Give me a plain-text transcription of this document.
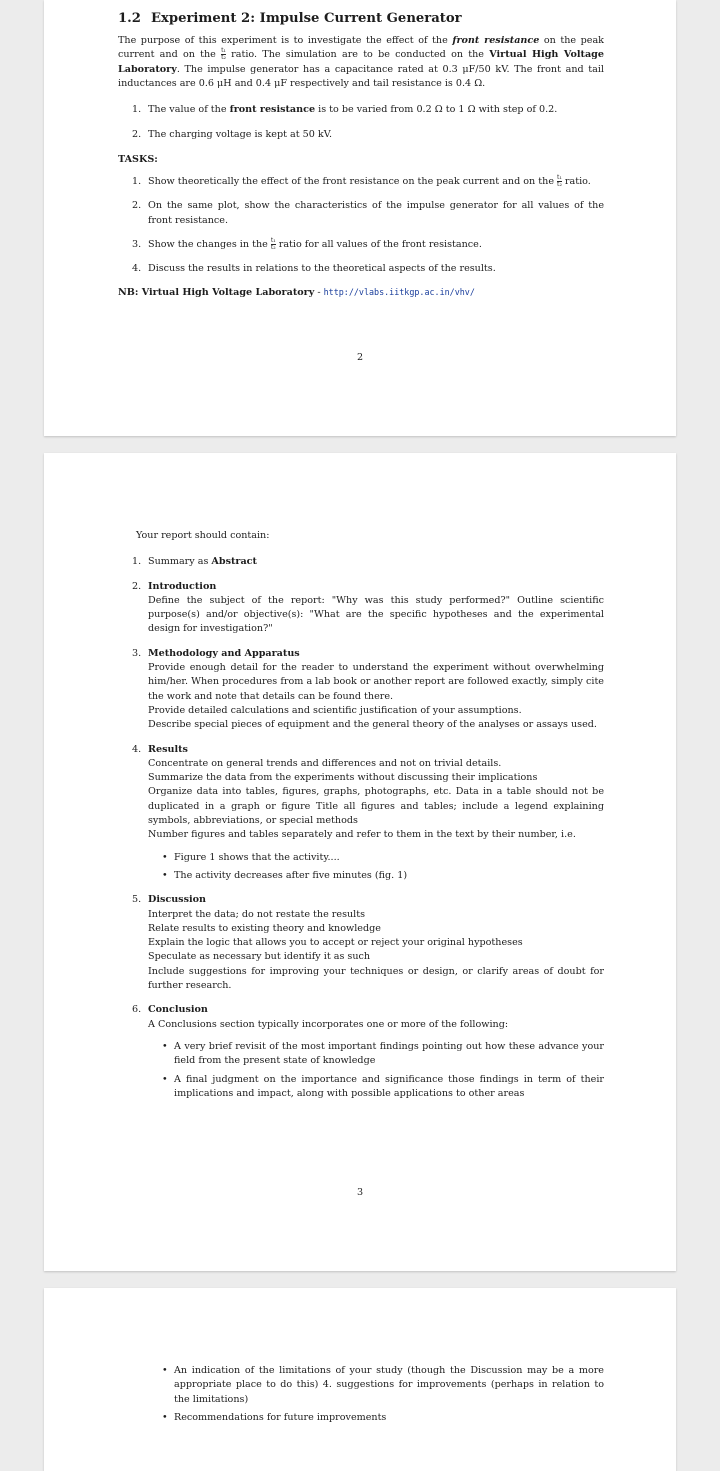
1.2 Experiment 2: Impulse Current Generator

The purpose of this experiment is to investigate the effect of the front resistance on the peak current and on the $\frac{\text{t₁}}{\text{t₂}}$ ratio. The simulation are to be conducted on the Virtual High Voltage Laboratory. The impulse generator has a capacitance rated at 0.3 μF/50 kV. The front and tail inductances are 0.6 μH and 0.4 μF respectively and tail resistance is 0.4 Ω.

1. The value of the front resistance is to be varied from 0.2 Ω to 1 Ω with step of 0.2.
2. The charging voltage is kept at 50 kV.
TASKS:
1. Show theoretically the effect of the front resistance on the peak current and on the $\frac{\text{t₁}}{\text{t₂}}$ ratio.
2. On the same plot, show the characteristics of the impulse generator for all values of the front resistance.
3. Show the changes in the $\frac{\text{t₁}}{\text{t₂}}$ ratio for all values of the front resistance.
4. Discuss the results in relations to the theoretical aspects of the results.
NB: Virtual High Voltage Laboratory - http://vlabs.iitkgp.ac.in/vhv/
2
Your report should contain:
1. Summary as Abstract
2. Introduction
Define the subject of the report: "Why was this study performed?" Outline scientific purpose(s) and/or objective(s): "What are the specific hypotheses and the experimental design for investigation?"
3. Methodology and Apparatus
Provide enough detail for the reader to understand the experiment without overwhelming him/her. When procedures from a lab book or another report are followed exactly, simply cite the work and note that details can be found there.
Provide detailed calculations and scientific justification of your assumptions.
Describe special pieces of equipment and the general theory of the analyses or assays used.
4. Results
Concentrate on general trends and differences and not on trivial details.
Summarize the data from the experiments without discussing their implications
Organize data into tables, figures, graphs, photographs, etc. Data in a table should not be duplicated in a graph or figure Title all figures and tables; include a legend explaining symbols, abbreviations, or special methods
Number figures and tables separately and refer to them in the text by their number, i.e.
• Figure 1 shows that the activity....
• The activity decreases after five minutes (fig. 1)
5. Discussion
Interpret the data; do not restate the results
Relate results to existing theory and knowledge
Explain the logic that allows you to accept or reject your original hypotheses
Speculate as necessary but identify it as such
Include suggestions for improving your techniques or design, or clarify areas of doubt for further research.
6. Conclusion
A Conclusions section typically incorporates one or more of the following:
• A very brief revisit of the most important findings pointing out how these advance your field from the present state of knowledge
• A final judgment on the importance and significance those findings in term of their implications and impact, along with possible applications to other areas
3
• An indication of the limitations of your study (though the Discussion may be a more appropriate place to do this) 4. suggestions for improvements (perhaps in relation to the limitations)
• Recommendations for future improvements
